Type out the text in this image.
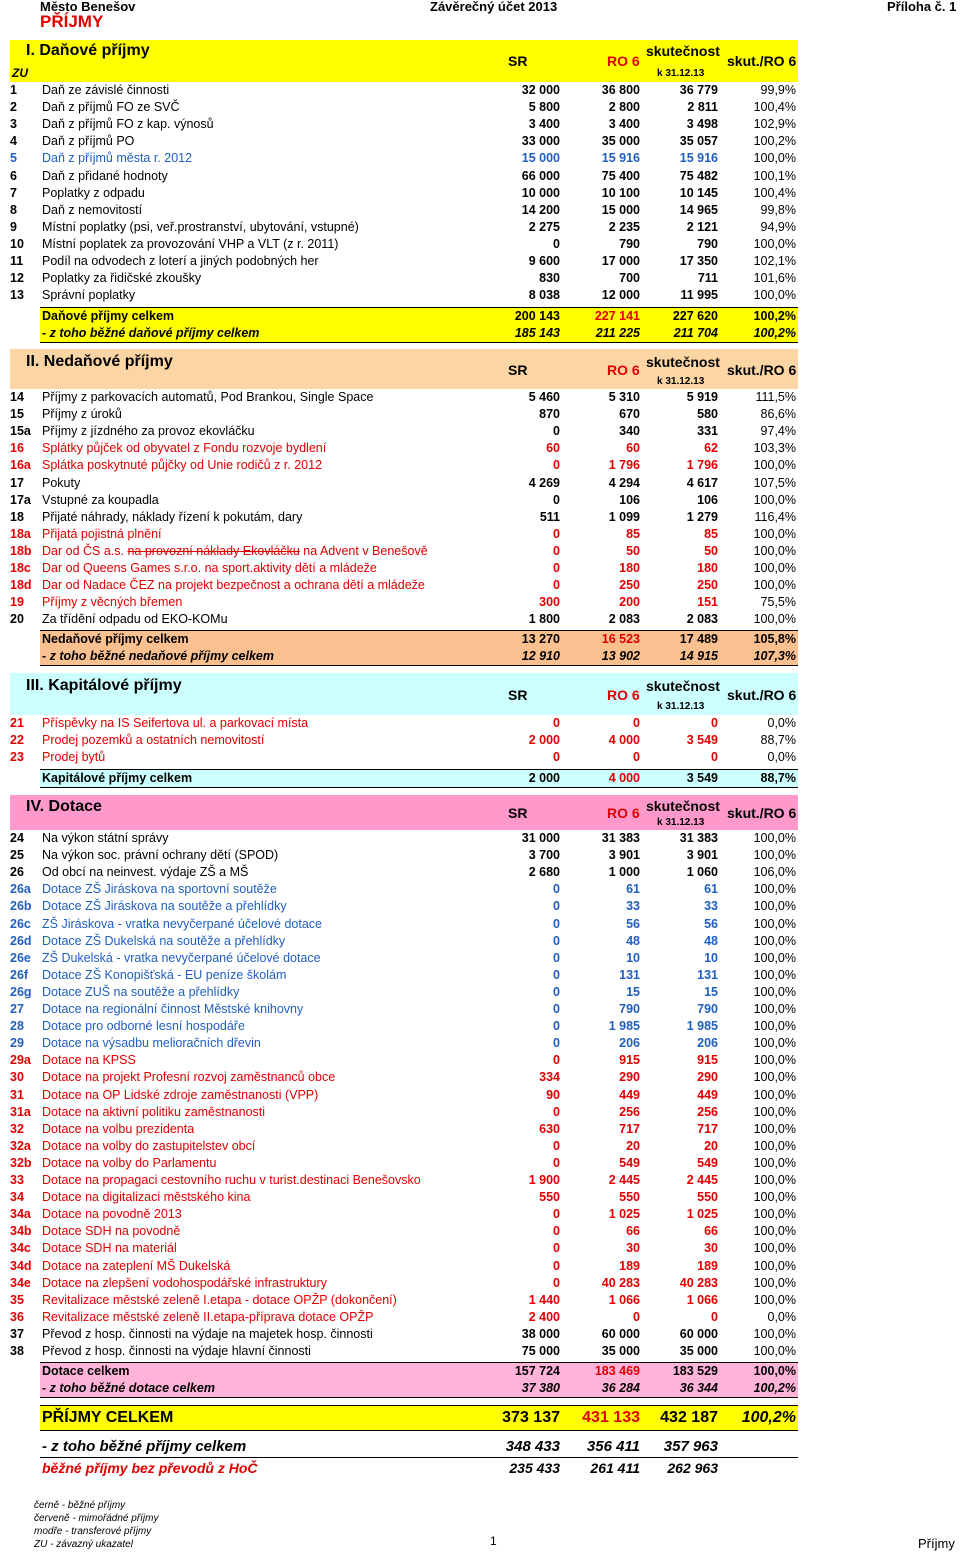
Město Benešov	Závěrečný účet 2013	Příloha č. 1
PŘÍJMY
I. Daňové příjmy
ZU
SR	RO 6
skutečnost
k 31.12.13
skut./RO 6
1	Daň ze závislé činnosti	32 000	36 800	36 779	99,9%
2	Daň z příjmů FO ze SVČ	5 800	2 800	2 811	100,4%
3	Daň z příjmů FO z kap. výnosů	3 400	3 400	3 498	102,9%
4	Daň z příjmů PO	33 000	35 000	35 057	100,2%
5	Daň z příjmů města r. 2012	15 000	15 916	15 916	100,0%
6	Daň z přidané hodnoty	66 000	75 400	75 482	100,1%
7	Poplatky z odpadu	10 000	10 100	10 145	100,4%
8	Daň z nemovitostí	14 200	15 000	14 965	99,8%
9	Místní poplatky (psi, veř.prostranství, ubytování, vstupné)	2 275	2 235	2 121	94,9%
10	Místní poplatek za provozování VHP a VLT (z r. 2011)	0	790	790	100,0%
11	Podíl na odvodech z loterí a jiných podobných her	9 600	17 000	17 350	102,1%
12	Poplatky za řidičské zkoušky	830	700	711	101,6%
13	Správní poplatky	8 038	12 000	11 995	100,0%
Daňové příjmy celkem	200 143	227 141	227 620	100,2%
- z toho běžné daňové příjmy celkem	185 143	211 225	211 704	100,2%
II. Nedaňové příjmy	SR	RO 6 skutečnost
k 31.12.13
skut./RO 6
14	Příjmy z parkovacích automatů, Pod Brankou, Single Space	5 460	5 310	5 919	111,5%
15	Příjmy z úroků	870	670	580	86,6%
15a Příjmy z jízdného za provoz ekovláčku	0	340	331	97,4%
16	Splátky půjček od obyvatel z Fondu rozvoje bydlení	60	60	62	103,3%
16a Splátka poskytnuté půjčky od Unie rodičů z r. 2012	0	1 796	1 796	100,0%
17	Pokuty	4 269	4 294	4 617	107,5%
17a Vstupné za koupadla	0	106	106	100,0%
18	Přijaté náhrady, náklady řízení k pokutám, dary	511	1 099	1 279	116,4%
18a Přijatá pojistná plnění	0	85	85	100,0%
18b Dar od ČS a.s. na provozní náklady Ekovláčku na Advent v Benešově	0	50	50	100,0%
18c Dar od Queens Games s.r.o. na sport.aktivity dětí a mládeže	0	180	180	100,0%
18d Dar od Nadace ČEZ na projekt bezpečnost a ochrana dětí a mládeže	0	250	250	100,0%
19	Příjmy z věcných břemen	300	200	151	75,5%
20	Za třídění odpadu od EKO-KOMu	1 800	2 083	2 083	100,0%
Nedaňové příjmy celkem	13 270	16 523	17 489	105,8%
- z toho běžné nedaňové příjmy celkem	12 910	13 902	14 915	107,3%
III. Kapitálové příjmy
SR	RO 6
skutečnost
k 31.12.13
skut./RO 6
21	Příspěvky na IS Seifertova ul. a parkovací místa	0	0	0	0,0%
22	Prodej pozemků a ostatních nemovitostí	2 000	4 000	3 549	88,7%
23	Prodej bytů	0	0	0	0,0%
Kapitálové příjmy celkem	2 000	4 000	3 549	88,7%
IV. Dotace	SR	RO 6 skutečnost
k 31.12.13
skut./RO 6
24	Na výkon státní správy	31 000	31 383	31 383	100,0%
25	Na výkon soc. právní ochrany dětí (SPOD)	3 700	3 901	3 901	100,0%
26	Od obcí na neinvest. výdaje ZŠ a MŠ	2 680	1 000	1 060	106,0%
26a Dotace ZŠ Jiráskova na sportovní soutěže	0	61	61	100,0%
26b Dotace ZŠ Jiráskova na soutěže a přehlídky	0	33	33	100,0%
26c ZŠ Jiráskova - vratka nevyčerpané účelové dotace	0	56	56	100,0%
26d Dotace ZŠ Dukelská na soutěže a přehlídky	0	48	48	100,0%
26e ZŠ Dukelská - vratka nevyčerpané účelové dotace	0	10	10	100,0%
26f	Dotace ZŠ Konopišťská - EU peníze školám	0	131	131	100,0%
26g Dotace ZUŠ na soutěže a přehlídky	0	15	15	100,0%
27	Dotace na regionální činnost Městské knihovny	0	790	790	100,0%
28	Dotace pro odborné lesní hospodáře	0	1 985	1 985	100,0%
29	Dotace na výsadbu melioračních dřevin	0	206	206	100,0%
29a Dotace na KPSS	0	915	915	100,0%
30	Dotace na projekt Profesní rozvoj zaměstnanců obce	334	290	290	100,0%
31	Dotace na OP Lidské zdroje zaměstnanosti (VPP)	90	449	449	100,0%
31a Dotace na aktivní politiku zaměstnanosti	0	256	256	100,0%
32	Dotace na volbu prezidenta	630	717	717	100,0%
32a Dotace na volby do zastupitelstev obcí	0	20	20	100,0%
32b Dotace na volby do Parlamentu	0	549	549	100,0%
33	Dotace na propagaci cestovního ruchu v turist.destinaci Benešovsko	1 900	2 445	2 445	100,0%
34	Dotace na digitalizaci městského kina	550	550	550	100,0%
34a Dotace na povodně 2013	0	1 025	1 025	100,0%
34b Dotace SDH na povodně	0	66	66	100,0%
34c Dotace SDH na materiál	0	30	30	100,0%
34d Dotace na zateplení MŠ Dukelská	0	189	189	100,0%
34e Dotace na zlepšení vodohospodářské infrastruktury	0	40 283	40 283	100,0%
35	Revitalizace městské zeleně I.etapa - dotace OPŽP (dokončení)	1 440	1 066	1 066	100,0%
36	Revitalizace městské zeleně II.etapa-příprava dotace OPŽP	2 400	0	0	0,0%
37	Převod z hosp. činnosti na výdaje na majetek hosp. činnosti	38 000	60 000	60 000	100,0%
38	Převod z hosp. činnosti na výdaje hlavní činnosti	75 000	35 000	35 000	100,0%
Dotace celkem	157 724	183 469	183 529	100,0%
- z toho běžné dotace celkem	37 380	36 284	36 344	100,2%
PŘÍJMY CELKEM	373 137	431 133	432 187	100,2%
- z toho běžné příjmy celkem	348 433	356 411	357 963
běžné příjmy bez převodů z HoČ	235 433	261 411	262 963
černě - běžné příjmy
červeně - mimořádné příjmy
modře - transferové příjmy
ZU - závazný ukazatel	1	Příjmy
